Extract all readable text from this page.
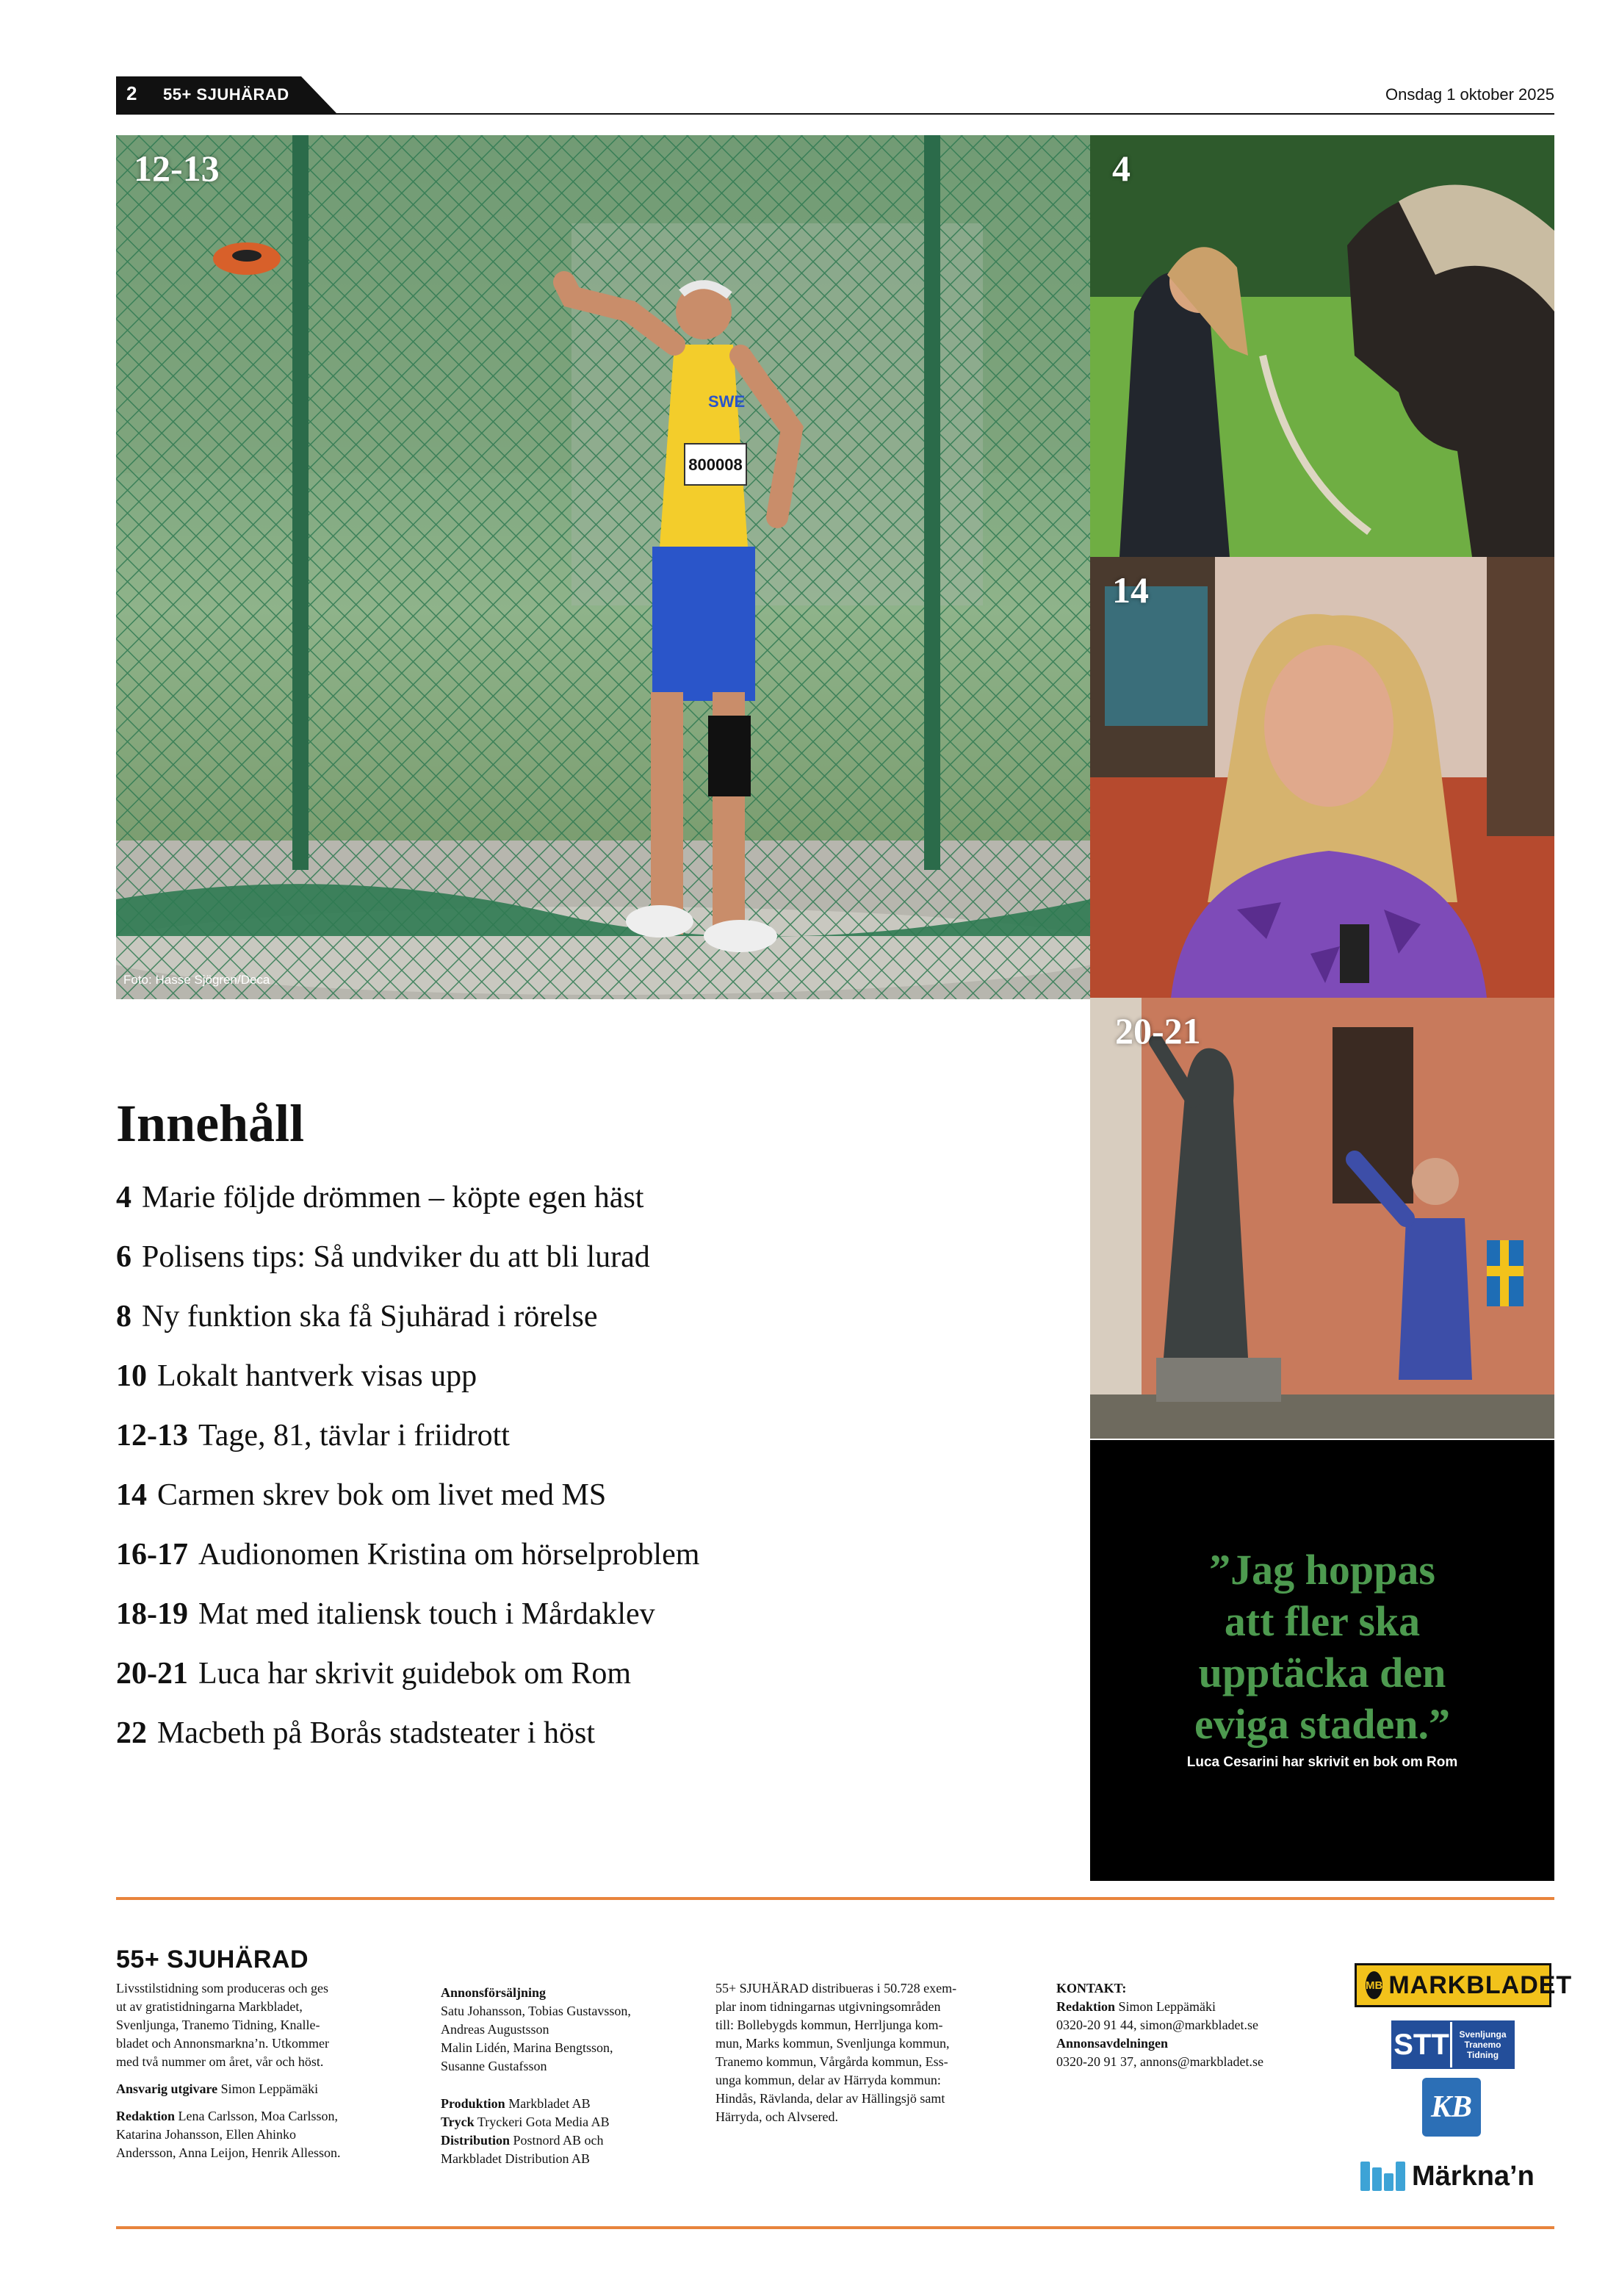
2 55+ SJUHÄRAD	Onsdag 1 oktober 2025
800008
SWE
12-13
Foto: Hasse Sjögren/Deca
4
14
20-21
Innehåll
4 Marie följde drömmen – köpte egen häst
6 Polisens tips: Så undviker du att bli lurad
8 Ny funktion ska få Sjuhärad i rörelse
10 Lokalt hantverk visas upp
12-13 Tage, 81, tävlar i friidrott
14 Carmen skrev bok om livet med MS
16-17 Audionomen Kristina om hörselproblem
18-19 Mat med italiensk touch i Mårdaklev
20-21 Luca har skrivit guidebok om Rom
22 Macbeth på Borås stadsteater i höst
”Jag hoppas
att fler ska
upptäcka den
eviga staden.”
Luca Cesarini har skrivit en bok om Rom
55+ SJUHÄRAD
Livsstilstidning som produceras och ges
ut av gratistidningarna Markbladet,
Svenljunga, Tranemo Tidning, Knalle-
bladet och Annonsmarkna’n. Utkommer
med två nummer om året, vår och höst.
Ansvarig utgivare Simon Leppämäki
Redaktion Lena Carlsson, Moa Carlsson,
Katarina Johansson, Ellen Ahinko
Andersson, Anna Leijon, Henrik Allesson.
Annonsförsäljning
Satu Johansson, Tobias Gustavsson,
Andreas Augustsson
Malin Lidén, Marina Bengtsson,
Susanne Gustafsson
Produktion Markbladet AB
Tryck Tryckeri Gota Media AB
Distribution Postnord AB och
Markbladet Distribution AB
55+ SJUHÄRAD distribueras i 50.728 exem-
plar inom tidningarnas utgivningsområden
till: Bollebygds kommun, Herrljunga kom-
mun, Marks kommun, Svenljunga kommun,
Tranemo kommun, Vårgårda kommun, Ess-
unga kommun, delar av Härryda kommun:
Hindås, Rävlanda, delar av Hällingsjö samt
Härryda, och Alvsered.
KONTAKT:
Redaktion Simon Leppämäki
0320-20 91 44, simon@markbladet.se
Annonsavdelningen
0320-20 91 37, annons@markbladet.se
MB MARKBLADET
STT	Svenljunga Tranemo Tidning
KB
Märkna’n
